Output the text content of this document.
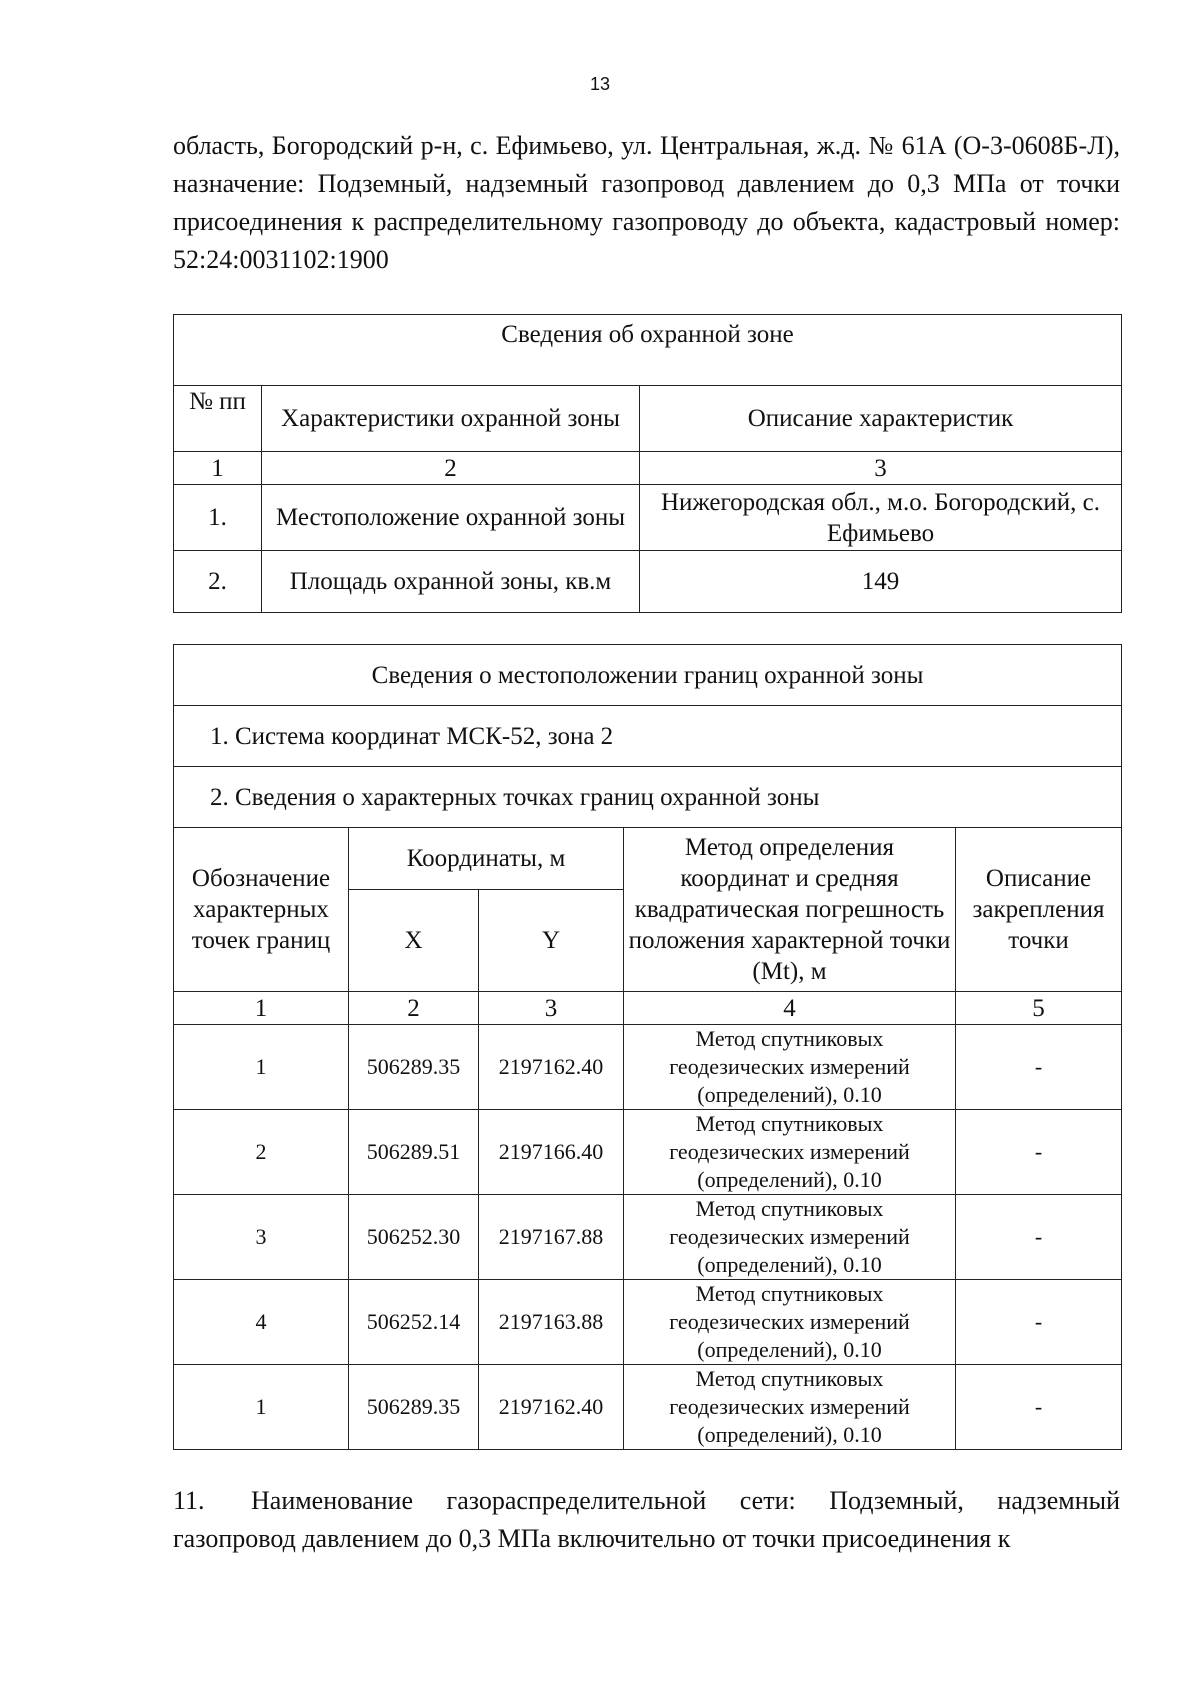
13

область, Богородский р-н, с. Ефимьево, ул. Центральная, ж.д. № 61А (О-3-0608Б-Л), назначение: Подземный, надземный газопровод давлением до 0,3 МПа от точки присоединения к распределительному газопроводу до объекта, кадастровый номер: 52:24:0031102:1900

Сведения об охранной зоне		
№ пп	Характеристики охранной зоны	Описание характеристик
1	2	3
1.	Местоположение охранной зоны	Нижегородская обл., м.о. Богородский, с. Ефимьево
2.	Площадь охранной зоны, кв.м	149
Сведения о местоположении границ охранной зоны				
1. Система координат МСК-52, зона 2				
2. Сведения о характерных точках границ охранной зоны				
Обозначение характерных точек границ	Координаты, м		Метод определения координат и средняя квадратическая погрешность положения характерной точки (Mt), м	Описание закрепления точки
	X	Y		
1	2	3	4	5
1	506289.35	2197162.40	Метод спутниковых геодезических измерений (определений), 0.10	-
2	506289.51	2197166.40	Метод спутниковых геодезических измерений (определений), 0.10	-
3	506252.30	2197167.88	Метод спутниковых геодезических измерений (определений), 0.10	-
4	506252.14	2197163.88	Метод спутниковых геодезических измерений (определений), 0.10	-
1	506289.35	2197162.40	Метод спутниковых геодезических измерений (определений), 0.10	-

11. Наименование газораспределительной сети: Подземный, надземный газопровод давлением до 0,3 МПа включительно от точки присоединения к
